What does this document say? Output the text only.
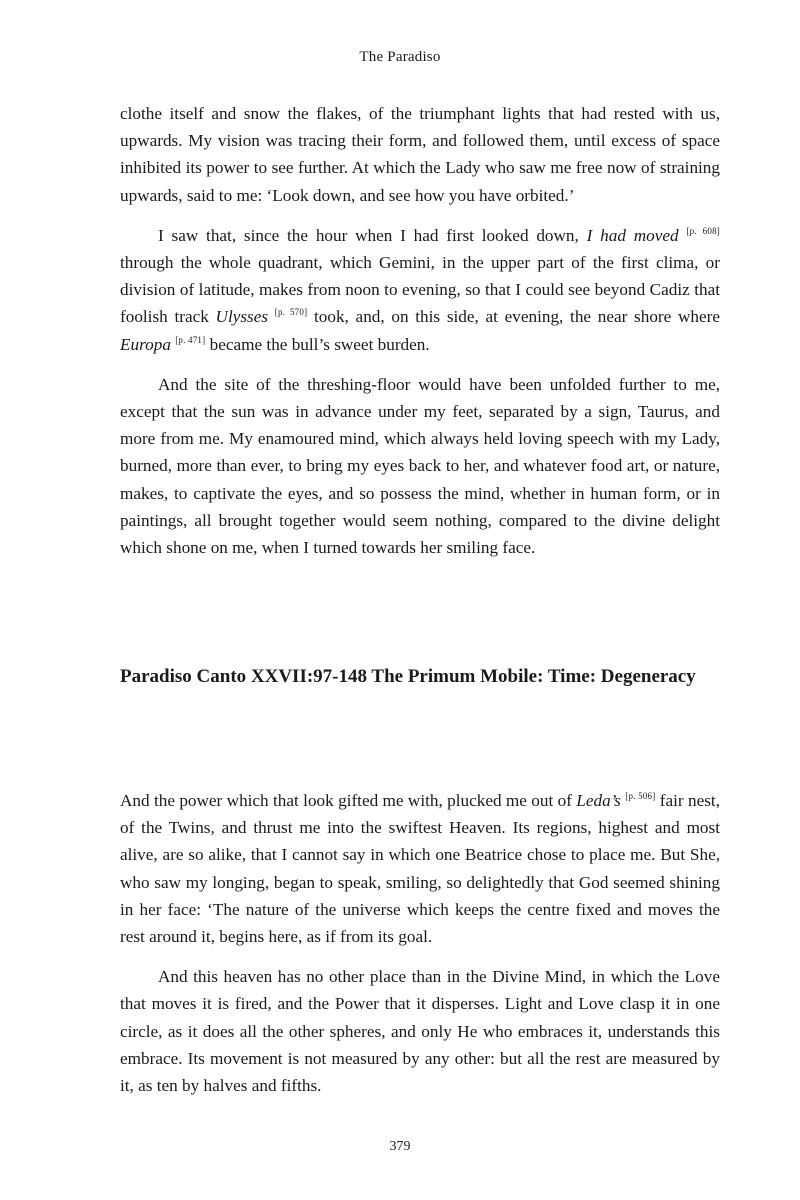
The Paradiso

clothe itself and snow the flakes, of the triumphant lights that had rested with us, upwards. My vision was tracing their form, and followed them, until excess of space inhibited its power to see further. At which the Lady who saw me free now of straining upwards, said to me: ‘Look down, and see how you have orbited.’

I saw that, since the hour when I had first looked down, I had moved [p. 608] through the whole quadrant, which Gemini, in the upper part of the first clima, or division of latitude, makes from noon to evening, so that I could see beyond Cadiz that foolish track Ulysses [p. 570] took, and, on this side, at evening, the near shore where Europa [p. 471] became the bull’s sweet burden.

And the site of the threshing-floor would have been unfolded further to me, except that the sun was in advance under my feet, separated by a sign, Taurus, and more from me. My enamoured mind, which always held loving speech with my Lady, burned, more than ever, to bring my eyes back to her, and whatever food art, or nature, makes, to captivate the eyes, and so possess the mind, whether in human form, or in paintings, all brought together would seem nothing, compared to the divine delight which shone on me, when I turned towards her smiling face.

Paradiso Canto XXVII:97-148 The Primum Mobile: Time: Degeneracy

And the power which that look gifted me with, plucked me out of Leda’s [p. 506] fair nest, of the Twins, and thrust me into the swiftest Heaven. Its regions, highest and most alive, are so alike, that I cannot say in which one Beatrice chose to place me. But She, who saw my longing, began to speak, smiling, so delightedly that God seemed shining in her face: ‘The nature of the universe which keeps the centre fixed and moves the rest around it, begins here, as if from its goal.

And this heaven has no other place than in the Divine Mind, in which the Love that moves it is fired, and the Power that it disperses. Light and Love clasp it in one circle, as it does all the other spheres, and only He who embraces it, understands this embrace. Its movement is not measured by any other: but all the rest are measured by it, as ten by halves and fifths.

379
